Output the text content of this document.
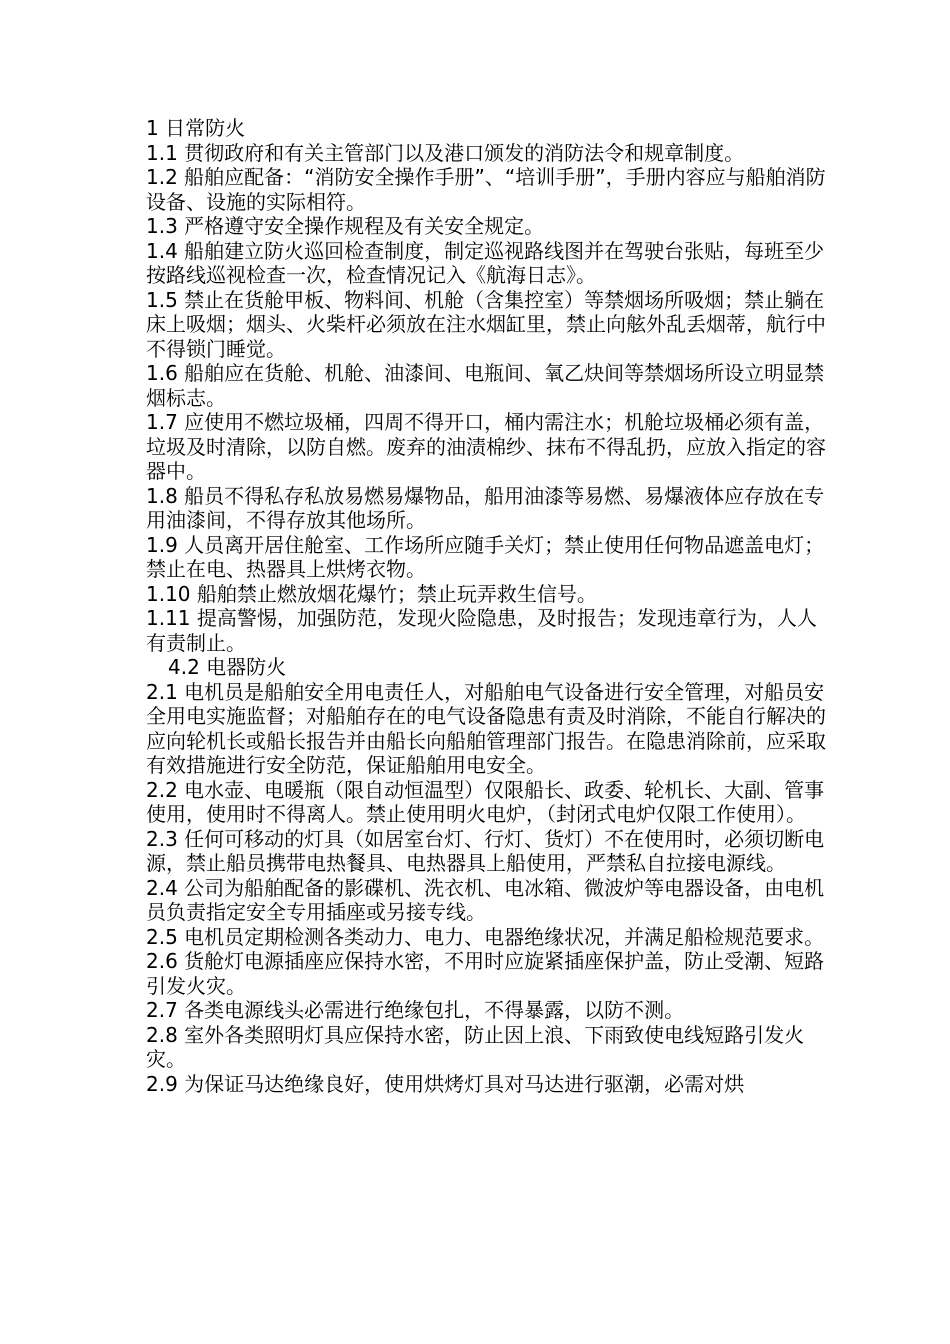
1 日常防火

1.1 贯彻政府和有关主管部门以及港口颁发的消防法令和规章制度。

1.2 船舶应配备：“消防安全操作手册”、“培训手册”，手册内容应与船舶消防设备、设施的实际相符。

1.3 严格遵守安全操作规程及有关安全规定。

1.4 船舶建立防火巡回检查制度，制定巡视路线图并在驾驶台张贴，每班至少按路线巡视检查一次，检查情况记入《航海日志》。

1.5 禁止在货舱甲板、物料间、机舱（含集控室）等禁烟场所吸烟；禁止躺在床上吸烟；烟头、火柴杆必须放在注水烟缸里，禁止向舷外乱丢烟蒂，航行中不得锁门睡觉。

1.6 船舶应在货舱、机舱、油漆间、电瓶间、氧乙炔间等禁烟场所设立明显禁烟标志。

1.7 应使用不燃垃圾桶，四周不得开口，桶内需注水；机舱垃圾桶必须有盖，垃圾及时清除，以防自燃。废弃的油渍棉纱、抹布不得乱扔，应放入指定的容器中。

1.8 船员不得私存私放易燃易爆物品，船用油漆等易燃、易爆液体应存放在专用油漆间，不得存放其他场所。

1.9 人员离开居住舱室、工作场所应随手关灯；禁止使用任何物品遮盖电灯；禁止在电、热器具上烘烤衣物。

1.10 船舶禁止燃放烟花爆竹；禁止玩弄救生信号。

1.11 提高警惕，加强防范，发现火险隐患，及时报告；发现违章行为，人人有责制止。

4.2 电器防火

2.1 电机员是船舶安全用电责任人，对船舶电气设备进行安全管理，对船员安全用电实施监督；对船舶存在的电气设备隐患有责及时消除，不能自行解决的应向轮机长或船长报告并由船长向船舶管理部门报告。在隐患消除前，应采取有效措施进行安全防范，保证船舶用电安全。

2.2 电水壶、电暖瓶（限自动恒温型）仅限船长、政委、轮机长、大副、管事使用，使用时不得离人。禁止使用明火电炉，（封闭式电炉仅限工作使用）。

2.3 任何可移动的灯具（如居室台灯、行灯、货灯）不在使用时，必须切断电源，禁止船员携带电热餐具、电热器具上船使用，严禁私自拉接电源线。

2.4 公司为船舶配备的影碟机、洗衣机、电冰箱、微波炉等电器设备，由电机员负责指定安全专用插座或另接专线。

2.5 电机员定期检测各类动力、电力、电器绝缘状况，并满足船检规范要求。

2.6 货舱灯电源插座应保持水密，不用时应旋紧插座保护盖，防止受潮、短路引发火灾。

2.7 各类电源线头必需进行绝缘包扎，不得暴露，以防不测。

2.8 室外各类照明灯具应保持水密，防止因上浪、下雨致使电线短路引发火灾。

2.9 为保证马达绝缘良好，使用烘烤灯具对马达进行驱潮，必需对烘
